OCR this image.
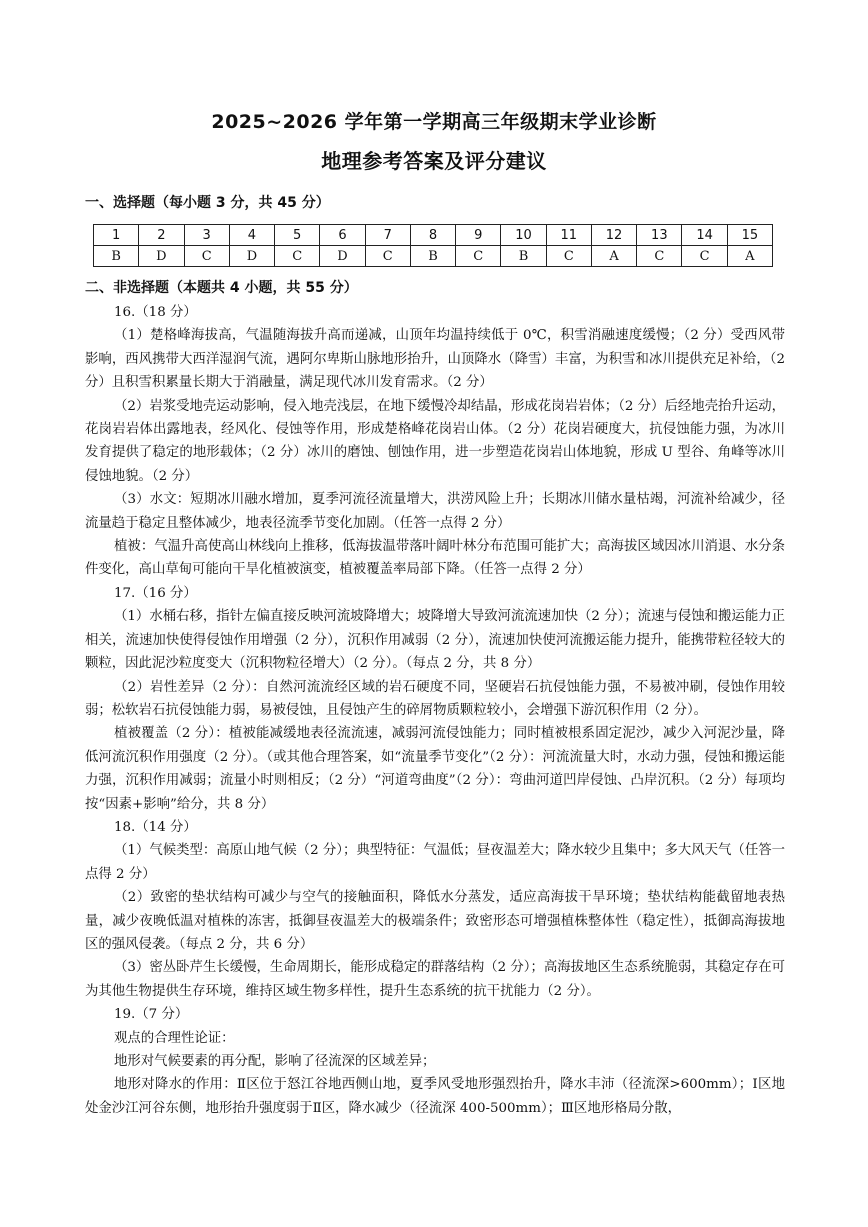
2025~2026 学年第一学期高三年级期末学业诊断
地理参考答案及评分建议
一、选择题（每小题 3 分，共 45 分）
1	2	3	4	5	6	7	8	9	10	11	12	13	14	15
B	D	C	D	C	D	C	B	C	B	C	A	C	C	A
二、非选择题（本题共 4 小题，共 55 分）

16.（18 分）

（1）楚格峰海拔高，气温随海拔升高而递减，山顶年均温持续低于 0℃，积雪消融速度缓慢；（2 分）受西风带影响，西风携带大西洋湿润气流，遇阿尔卑斯山脉地形抬升，山顶降水（降雪）丰富，为积雪和冰川提供充足补给，（2 分）且积雪积累量长期大于消融量，满足现代冰川发育需求。（2 分）

（2）岩浆受地壳运动影响，侵入地壳浅层，在地下缓慢冷却结晶，形成花岗岩岩体；（2 分）后经地壳抬升运动，花岗岩岩体出露地表，经风化、侵蚀等作用，形成楚格峰花岗岩山体。（2 分）花岗岩硬度大，抗侵蚀能力强，为冰川发育提供了稳定的地形载体；（2 分）冰川的磨蚀、刨蚀作用，进一步塑造花岗岩山体地貌，形成 U 型谷、角峰等冰川侵蚀地貌。（2 分）

（3）水文：短期冰川融水增加，夏季河流径流量增大，洪涝风险上升；长期冰川储水量枯竭，河流补给减少，径流量趋于稳定且整体减少，地表径流季节变化加剧。（任答一点得 2 分）

植被：气温升高使高山林线向上推移，低海拔温带落叶阔叶林分布范围可能扩大；高海拔区域因冰川消退、水分条件变化，高山草甸可能向干旱化植被演变，植被覆盖率局部下降。（任答一点得 2 分）

17.（16 分）

（1）水桶右移，指针左偏直接反映河流坡降增大；坡降增大导致河流流速加快（2 分）；流速与侵蚀和搬运能力正相关，流速加快使得侵蚀作用增强（2 分），沉积作用减弱（2 分），流速加快使河流搬运能力提升，能携带粒径较大的颗粒，因此泥沙粒度变大（沉积物粒径增大）（2 分）。（每点 2 分，共 8 分）

（2）岩性差异（2 分）：自然河流流经区域的岩石硬度不同，坚硬岩石抗侵蚀能力强，不易被冲刷，侵蚀作用较弱；松软岩石抗侵蚀能力弱，易被侵蚀，且侵蚀产生的碎屑物质颗粒较小，会增强下游沉积作用（2 分）。

植被覆盖（2 分）：植被能减缓地表径流流速，减弱河流侵蚀能力；同时植被根系固定泥沙，减少入河泥沙量，降低河流沉积作用强度（2 分）。（或其他合理答案，如“流量季节变化”（2 分）：河流流量大时，水动力强，侵蚀和搬运能力强，沉积作用减弱；流量小时则相反；（2 分）“河道弯曲度”（2 分）：弯曲河道凹岸侵蚀、凸岸沉积。（2 分）每项均按“因素+影响”给分，共 8 分）

18.（14 分）

（1）气候类型：高原山地气候（2 分）；典型特征：气温低；昼夜温差大；降水较少且集中；多大风天气（任答一点得 2 分）

（2）致密的垫状结构可减少与空气的接触面积，降低水分蒸发，适应高海拔干旱环境；垫状结构能截留地表热量，减少夜晚低温对植株的冻害，抵御昼夜温差大的极端条件；致密形态可增强植株整体性（稳定性），抵御高海拔地区的强风侵袭。（每点 2 分，共 6 分）

（3）密丛卧芹生长缓慢，生命周期长，能形成稳定的群落结构（2 分）；高海拔地区生态系统脆弱，其稳定存在可为其他生物提供生存环境，维持区域生物多样性，提升生态系统的抗干扰能力（2 分）。

19.（7 分）

观点的合理性论证：

地形对气候要素的再分配，影响了径流深的区域差异；

地形对降水的作用：Ⅱ区位于怒江谷地西侧山地，夏季风受地形强烈抬升，降水丰沛（径流深>600mm）；Ⅰ区地处金沙江河谷东侧，地形抬升强度弱于Ⅱ区，降水减少（径流深 400-500mm）；Ⅲ区地形格局分散，
